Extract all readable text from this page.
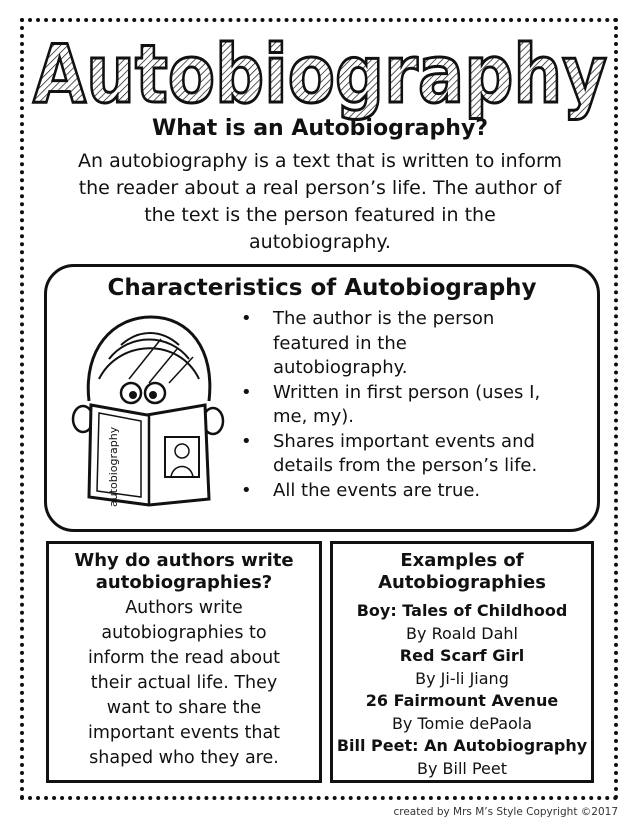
Autobiography
What is an Autobiography?
An autobiography is a text that is written to inform
the reader about a real person’s life. The author of
the text is the person featured in the
autobiography.
Characteristics of Autobiography
autobiography
• The author is the person
featured in the
autobiography.
• Written in first person (uses I,
me, my).
• Shares important events and
details from the person’s life.
• All the events are true.
Why do authors write
autobiographies?
Authors write
autobiographies to
inform the read about
their actual life. They
want to share the
important events that
shaped who they are.
Examples of
Autobiographies
Boy: Tales of Childhood
By Roald Dahl
Red Scarf Girl
By Ji-li Jiang
26 Fairmount Avenue
By Tomie dePaola
Bill Peet: An Autobiography
By Bill Peet
created by Mrs M’s Style Copyright ©2017
